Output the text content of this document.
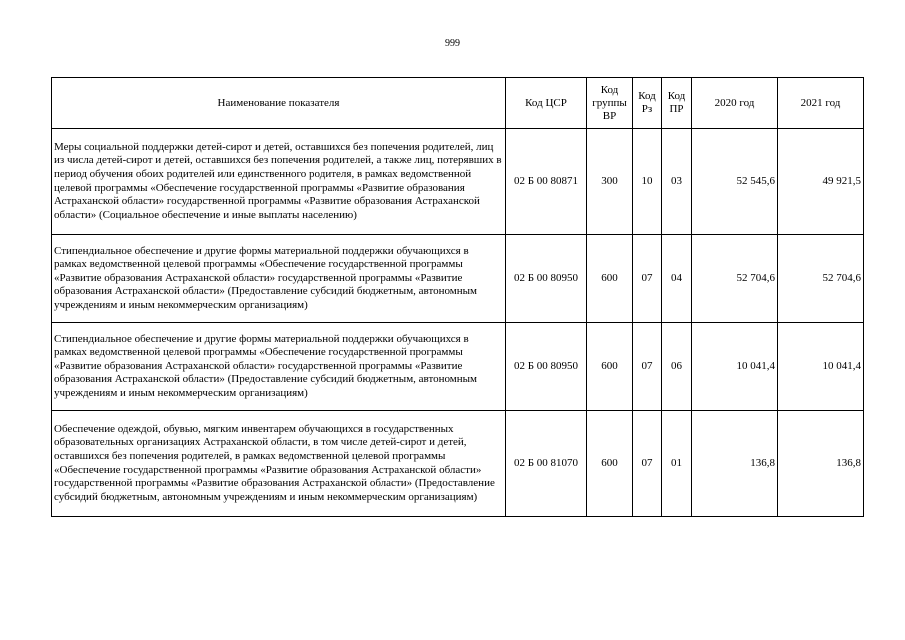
999
Наименование показателя	Код ЦСР	Код группы ВР	Код Рз	Код ПР	2020 год	2021 год
Меры социальной поддержки детей-сирот и детей, оставшихся без попечения родителей, лиц из числа детей-сирот и детей, оставшихся без попечения родителей, а также лиц, потерявших в период обучения обоих родителей или единственного родителя, в рамках ведомственной целевой программы «Обеспечение государственной программы «Развитие образования Астраханской области» государственной программы «Развитие образования Астраханской области» (Социальное обеспечение и иные выплаты населению)	02 Б 00 80871	300	10	03	52 545,6	49 921,5
Стипендиальное обеспечение и другие формы материальной поддержки обучающихся в рамках ведомственной целевой программы «Обеспечение государственной программы «Развитие образования Астраханской области» государственной программы «Развитие образования Астраханской области» (Предоставление субсидий бюджетным, автономным учреждениям и иным некоммерческим организациям)	02 Б 00 80950	600	07	04	52 704,6	52 704,6
Стипендиальное обеспечение и другие формы материальной поддержки обучающихся в рамках ведомственной целевой программы «Обеспечение государственной программы «Развитие образования Астраханской области» государственной программы «Развитие образования Астраханской области» (Предоставление субсидий бюджетным, автономным учреждениям и иным некоммерческим организациям)	02 Б 00 80950	600	07	06	10 041,4	10 041,4
Обеспечение одеждой, обувью, мягким инвентарем обучающихся в государственных образовательных организациях Астраханской области, в том числе детей-сирот и детей, оставшихся без попечения родителей, в рамках ведомственной целевой программы «Обеспечение государственной программы «Развитие образования Астраханской области» государственной программы «Развитие образования Астраханской области» (Предоставление субсидий бюджетным, автономным учреждениям и иным некоммерческим организациям)	02 Б 00 81070	600	07	01	136,8	136,8
